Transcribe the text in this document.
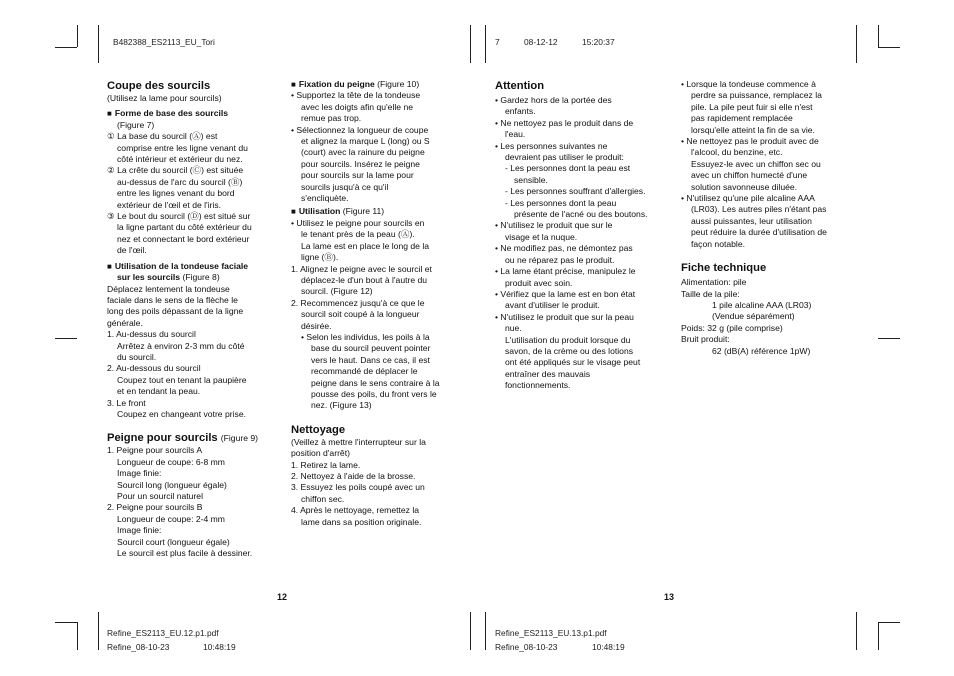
B482388_ES2113_EU_Tori	7	08-12-12	15:20:37
Coupe des sourcils

(Utilisez la lame pour sourcils)

■ Forme de base des sourcils

(Figure 7)

① La base du sourcil (Ⓐ) est

comprise entre les ligne venant du

côté intérieur et extérieur du nez.

② La crête du sourcil (Ⓒ) est située

au-dessus de l'arc du sourcil (Ⓑ)

entre les lignes venant du bord

extérieur de l'œil et de l'iris.

③ Le bout du sourcil (Ⓓ) est situé sur

la ligne partant du côté extérieur du

nez et connectant le bord extérieur

de l'œil.

■ Utilisation de la tondeuse faciale

sur les sourcils (Figure 8)

Déplacez lentement la tondeuse

faciale dans le sens de la flèche le

long des poils dépassant de la ligne

générale.

1. Au-dessus du sourcil

Arrêtez à environ 2-3 mm du côté

du sourcil.

2. Au-dessous du sourcil

Coupez tout en tenant la paupière

et en tendant la peau.

3. Le front

Coupez en changeant votre prise.

Peigne pour sourcils (Figure 9)

1. Peigne pour sourcils A

Longueur de coupe: 6-8 mm

Image finie:

Sourcil long (longueur égale)

Pour un sourcil naturel

2. Peigne pour sourcils B

Longueur de coupe: 2-4 mm

Image finie:

Sourcil court (longueur égale)

Le sourcil est plus facile à dessiner.

■ Fixation du peigne (Figure 10)

• Supportez la tête de la tondeuse

avec les doigts afin qu'elle ne

remue pas trop.

• Sélectionnez la longueur de coupe

et alignez la marque L (long) ou S

(court) avec la rainure du peigne

pour sourcils. Insérez le peigne

pour sourcils sur la lame pour

sourcils jusqu'à ce qu'il

s'encliquète.

■ Utilisation (Figure 11)

• Utilisez le peigne pour sourcils en

le tenant près de la peau (Ⓐ).

La lame est en place le long de la

ligne (Ⓑ).

1. Alignez le peigne avec le sourcil et

déplacez-le d'un bout à l'autre du

sourcil. (Figure 12)

2. Recommencez jusqu'à ce que le

sourcil soit coupé à la longueur

désirée.

• Selon les individus, les poils à la

base du sourcil peuvent pointer

vers le haut. Dans ce cas, il est

recommandé de déplacer le

peigne dans le sens contraire à la

pousse des poils, du front vers le

nez. (Figure 13)

Nettoyage

(Veillez à mettre l'interrupteur sur la

position d'arrêt)

1. Retirez la lame.

2. Nettoyez à l'aide de la brosse.

3. Essuyez les poils coupé avec un

chiffon sec.

4. Après le nettoyage, remettez la

lame dans sa position originale.

Attention

• Gardez hors de la portée des

enfants.

• Ne nettoyez pas le produit dans de

l'eau.

• Les personnes suivantes ne

devraient pas utiliser le produit:

- Les personnes dont la peau est

sensible.

- Les personnes souffrant d'allergies.

- Les personnes dont la peau

présente de l'acné ou des boutons.

• N'utilisez le produit que sur le

visage et la nuque.

• Ne modifiez pas, ne démontez pas

ou ne réparez pas le produit.

• La lame étant précise, manipulez le

produit avec soin.

• Vérifiez que la lame est en bon état

avant d'utiliser le produit.

• N'utilisez le produit que sur la peau

nue.

L'utilisation du produit lorsque du

savon, de la crème ou des lotions

ont été appliqués sur le visage peut

entraîner des mauvais

fonctionnements.

• Lorsque la tondeuse commence à

perdre sa puissance, remplacez la

pile. La pile peut fuir si elle n'est

pas rapidement remplacée

lorsqu'elle atteint la fin de sa vie.

• Ne nettoyez pas le produit avec de

l'alcool, du benzine, etc.

Essuyez-le avec un chiffon sec ou

avec un chiffon humecté d'une

solution savonneuse diluée.

• N'utilisez qu'une pile alcaline AAA

(LR03). Les autres piles n'étant pas

aussi puissantes, leur utilisation

peut réduire la durée d'utilisation de

façon notable.

Fiche technique

Alimentation: pile

Taille de la pile:

1 pile alcaline AAA (LR03)

(Vendue séparément)

Poids: 32 g (pile comprise)

Bruit produit:

62 (dB(A) référence 1pW)

12	13
Refine_ES2113_EU.12.p1.pdf
Refine_08-10-23	10:48:19
Refine_ES2113_EU.13.p1.pdf
Refine_08-10-23	10:48:19
